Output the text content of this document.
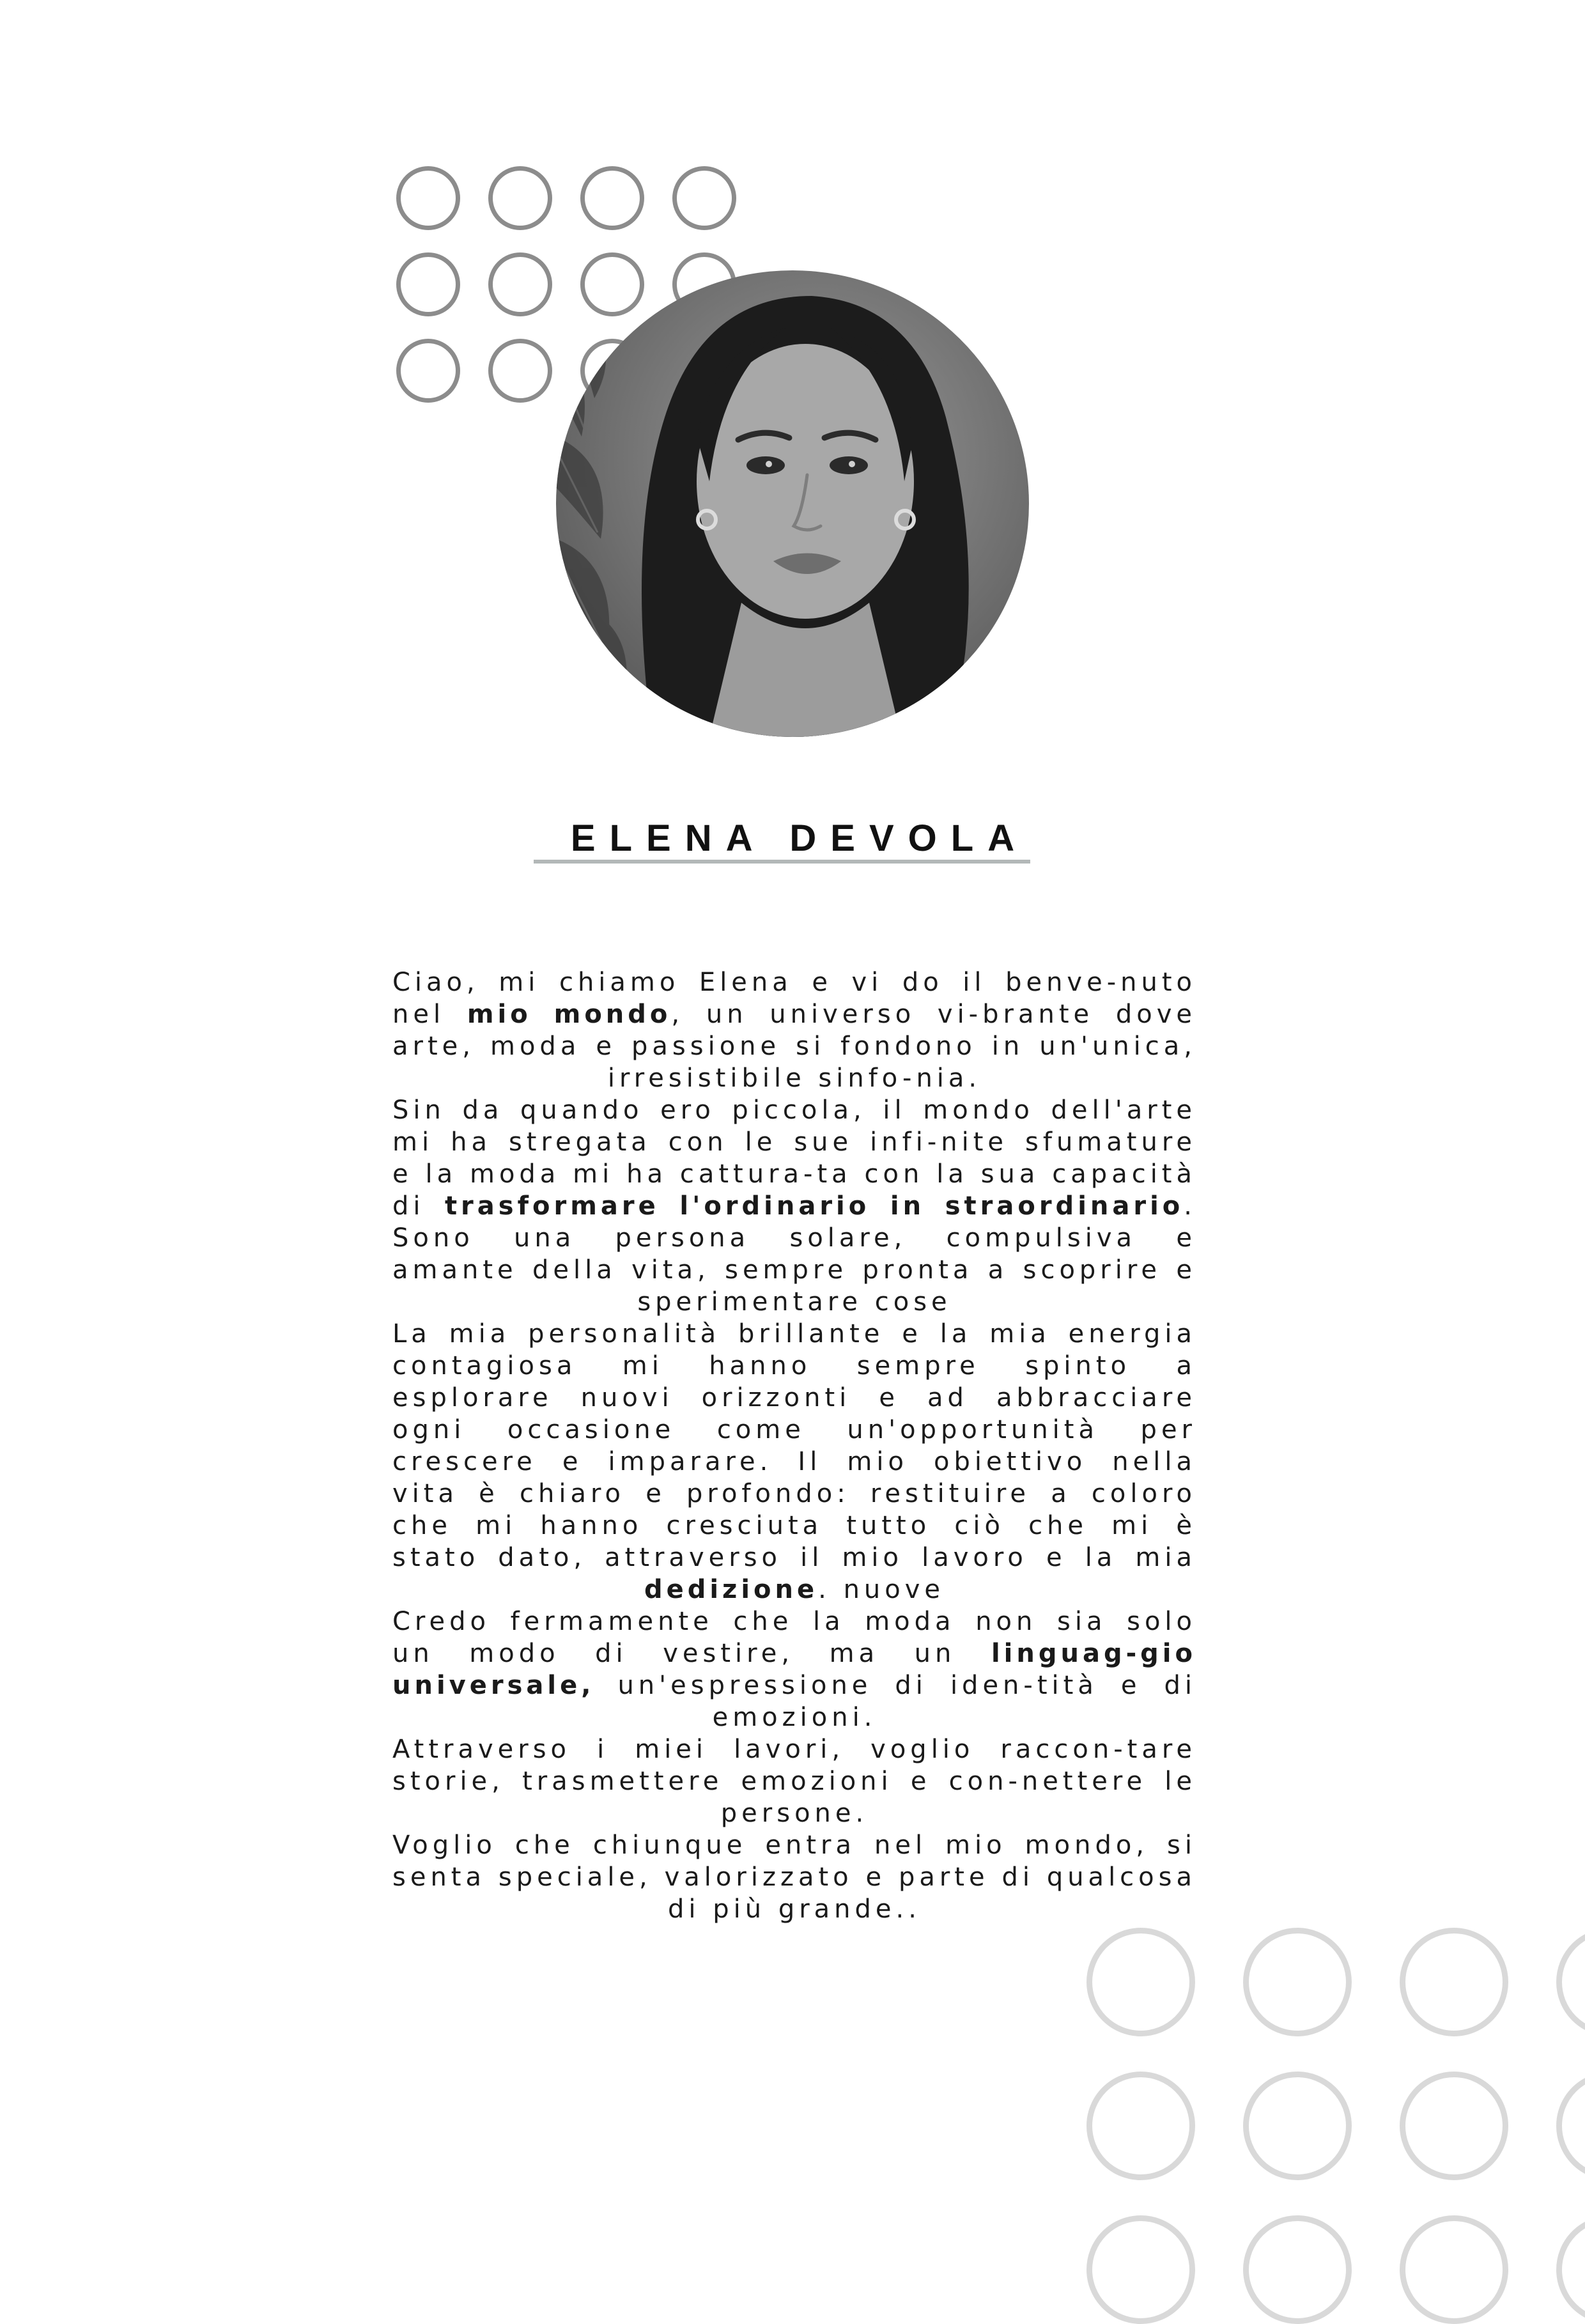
ELENA DEVOLA

Ciao, mi chiamo Elena e vi do il benve-nuto nel mio mondo, un universo vi-brante dove arte, moda e passione si fondono in un'unica, irresistibile sinfo-nia.

Sin da quando ero piccola, il mondo dell'arte mi ha stregata con le sue infi-nite sfumature e la moda mi ha cattura-ta con la sua capacità di trasformare l'ordinario in straordinario. Sono una persona solare, compulsiva e amante della vita, sempre pronta a scoprire e sperimentare cose

La mia personalità brillante e la mia energia contagiosa mi hanno sempre spinto a esplorare nuovi orizzonti e ad abbracciare ogni occasione come un'opportunità per crescere e imparare. Il mio obiettivo nella vita è chiaro e profondo: restituire a coloro che mi hanno cresciuta tutto ciò che mi è stato dato, attraverso il mio lavoro e la mia dedizione. nuove

Credo fermamente che la moda non sia solo un modo di vestire, ma un linguag-gio universale, un'espressione di iden-tità e di emozioni.

Attraverso i miei lavori, voglio raccon-tare storie, trasmettere emozioni e con-nettere le persone.

Voglio che chiunque entra nel mio mondo, si senta speciale, valorizzato e parte di qualcosa di più grande..
